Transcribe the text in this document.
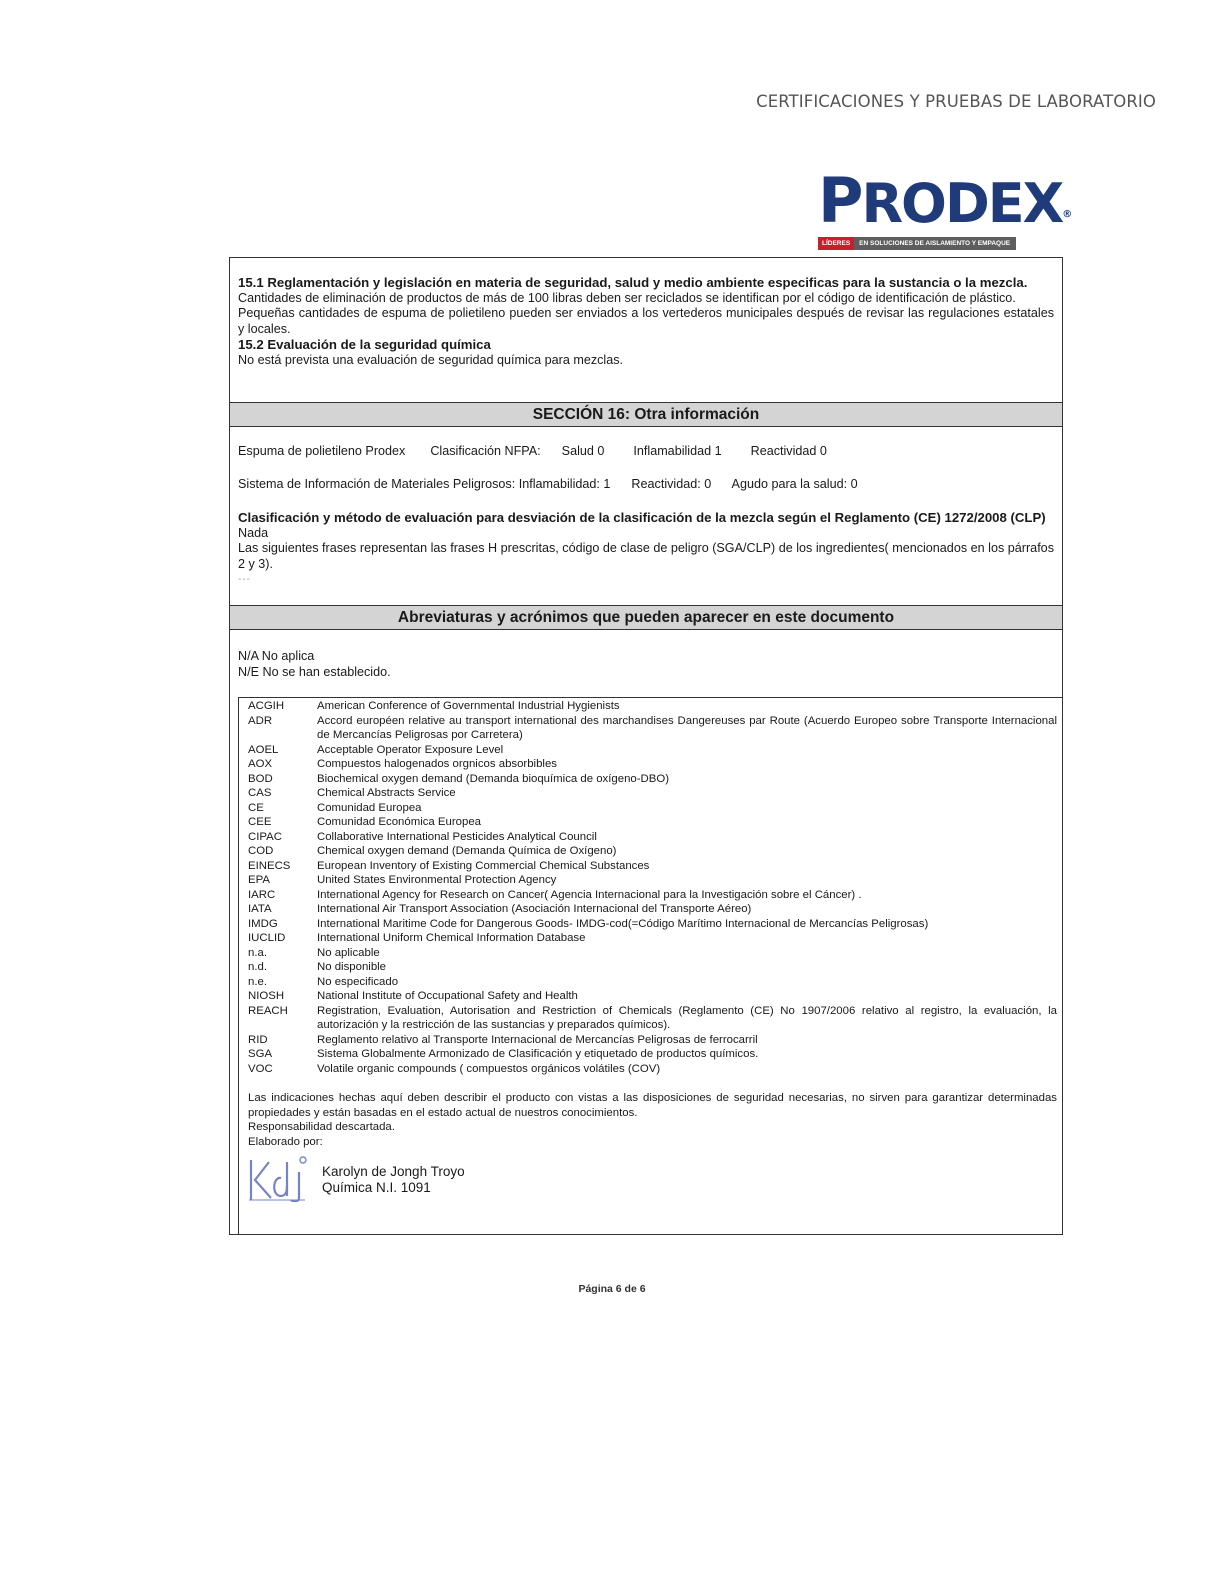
CERTIFICACIONES Y PRUEBAS DE LABORATORIO
PRODEX®
LÍDERES	EN SOLUCIONES DE AISLAMIENTO Y EMPAQUE
15.1 Reglamentación y legislación en materia de seguridad, salud y medio ambiente especificas para la sustancia o la mezcla.
Cantidades de eliminación de productos de más de 100 libras deben ser reciclados se identifican por el código de identificación de plástico.
Pequeñas cantidades de espuma de polietileno pueden ser enviados a los vertederos municipales después de revisar las regulaciones estatales y locales.
15.2 Evaluación de la seguridad química
No está prevista una evaluación de seguridad química para mezclas.
SECCIÓN 16: Otra información
Espuma de polietileno Prodex Clasificación NFPA: Salud 0 Inflamabilidad 1 Reactividad 0
Sistema de Información de Materiales Peligrosos: Inflamabilidad: 1 Reactividad: 0 Agudo para la salud: 0
Clasificación y método de evaluación para desviación de la clasificación de la mezcla según el Reglamento (CE) 1272/2008 (CLP)
Nada
Las siguientes frases representan las frases H prescritas, código de clase de peligro (SGA/CLP) de los ingredientes( mencionados en los párrafos 2 y 3).
---
Abreviaturas y acrónimos que pueden aparecer en este documento
N/A No aplica
N/E No se han establecido.
ACGIH	American Conference of Governmental Industrial Hygienists
ADR	Accord européen relative au transport international des marchandises Dangereuses par Route (Acuerdo Europeo sobre Transporte Internacional de Mercancías Peligrosas por Carretera)
AOEL	Acceptable Operator Exposure Level
AOX	Compuestos halogenados orgnicos absorbibles
BOD	Biochemical oxygen demand (Demanda bioquímica de oxígeno-DBO)
CAS	Chemical Abstracts Service
CE	Comunidad Europea
CEE	Comunidad Económica Europea
CIPAC	Collaborative International Pesticides Analytical Council
COD	Chemical oxygen demand (Demanda Química de Oxígeno)
EINECS	European Inventory of Existing Commercial Chemical Substances
EPA	United States Environmental Protection Agency
IARC	International Agency for Research on Cancer( Agencia Internacional para la Investigación sobre el Cáncer) .
IATA	International Air Transport Association (Asociación Internacional del Transporte Aéreo)
IMDG	International Maritime Code for Dangerous Goods- IMDG-cod(=Código Marítimo Internacional de Mercancías Peligrosas)
IUCLID	International Uniform Chemical Information Database
n.a.	No aplicable
n.d.	No disponible
n.e.	No especificado
NIOSH	National Institute of Occupational Safety and Health
REACH	Registration, Evaluation, Autorisation and Restriction of Chemicals (Reglamento (CE) No 1907/2006 relativo al registro, la evaluación, la autorización y la restricción de las sustancias y preparados químicos).
RID	Reglamento relativo al Transporte Internacional de Mercancías Peligrosas de ferrocarril
SGA	Sistema Globalmente Armonizado de Clasificación y etiquetado de productos químicos.
VOC	Volatile organic compounds ( compuestos orgánicos volátiles (COV)
Las indicaciones hechas aquí deben describir el producto con vistas a las disposiciones de seguridad necesarias, no sirven para garantizar determinadas propiedades y están basadas en el estado actual de nuestros conocimientos.
Responsabilidad descartada.
Elaborado por:
Karolyn de Jongh Troyo
Química N.I. 1091
Página 6 de 6
